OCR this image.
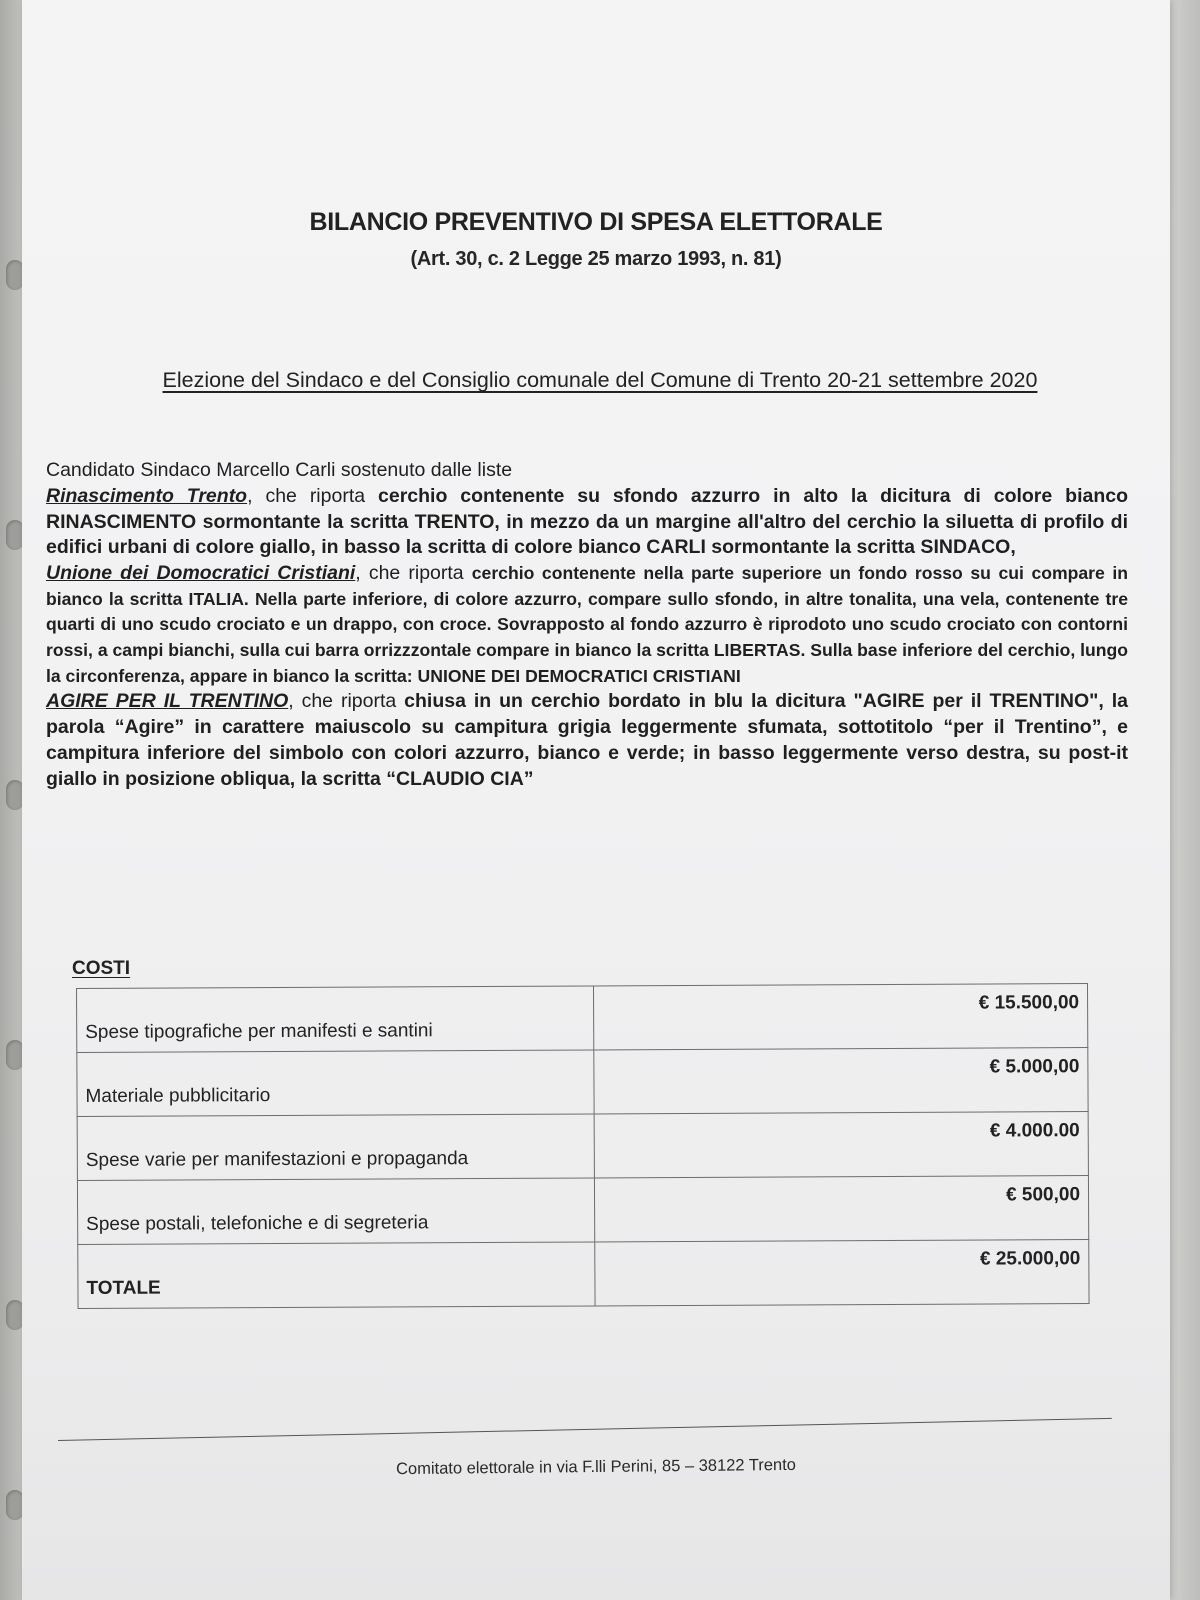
BILANCIO PREVENTIVO DI SPESA ELETTORALE
(Art. 30, c. 2 Legge 25 marzo 1993, n. 81)
Elezione del Sindaco e del Consiglio comunale del Comune di Trento 20-21 settembre 2020

Candidato Sindaco Marcello Carli sostenuto dalle liste

Rinascimento Trento, che riporta cerchio contenente su sfondo azzurro in alto la dicitura di colore bianco RINASCIMENTO sormontante la scritta TRENTO, in mezzo da un margine all'altro del cerchio la siluetta di profilo di edifici urbani di colore giallo, in basso la scritta di colore bianco CARLI sormontante la scritta SINDACO,

Unione dei Domocratici Cristiani, che riporta cerchio contenente nella parte superiore un fondo rosso su cui compare in bianco la scritta ITALIA. Nella parte inferiore, di colore azzurro, compare sullo sfondo, in altre tonalita, una vela, contenente tre quarti di uno scudo crociato e un drappo, con croce. Sovrapposto al fondo azzurro è riprodoto uno scudo crociato con contorni rossi, a campi bianchi, sulla cui barra orrizzzontale compare in bianco la scritta LIBERTAS. Sulla base inferiore del cerchio, lungo la circonferenza, appare in bianco la scritta: UNIONE DEI DEMOCRATICI CRISTIANI

AGIRE PER IL TRENTINO, che riporta chiusa in un cerchio bordato in blu la dicitura "AGIRE per il TRENTINO", la parola “Agire” in carattere maiuscolo su campitura grigia leggermente sfumata, sottotitolo “per il Trentino”, e campitura inferiore del simbolo con colori azzurro, bianco e verde; in basso leggermente verso destra, su post-it giallo in posizione obliqua, la scritta “CLAUDIO CIA”

COSTI
Spese tipografiche per manifesti e santini	€ 15.500,00
Materiale pubblicitario	€ 5.000,00
Spese varie per manifestazioni e propaganda	€ 4.000.00
Spese postali, telefoniche e di segreteria	€ 500,00
TOTALE	€ 25.000,00
Comitato elettorale in via F.lli Perini, 85 – 38122 Trento
